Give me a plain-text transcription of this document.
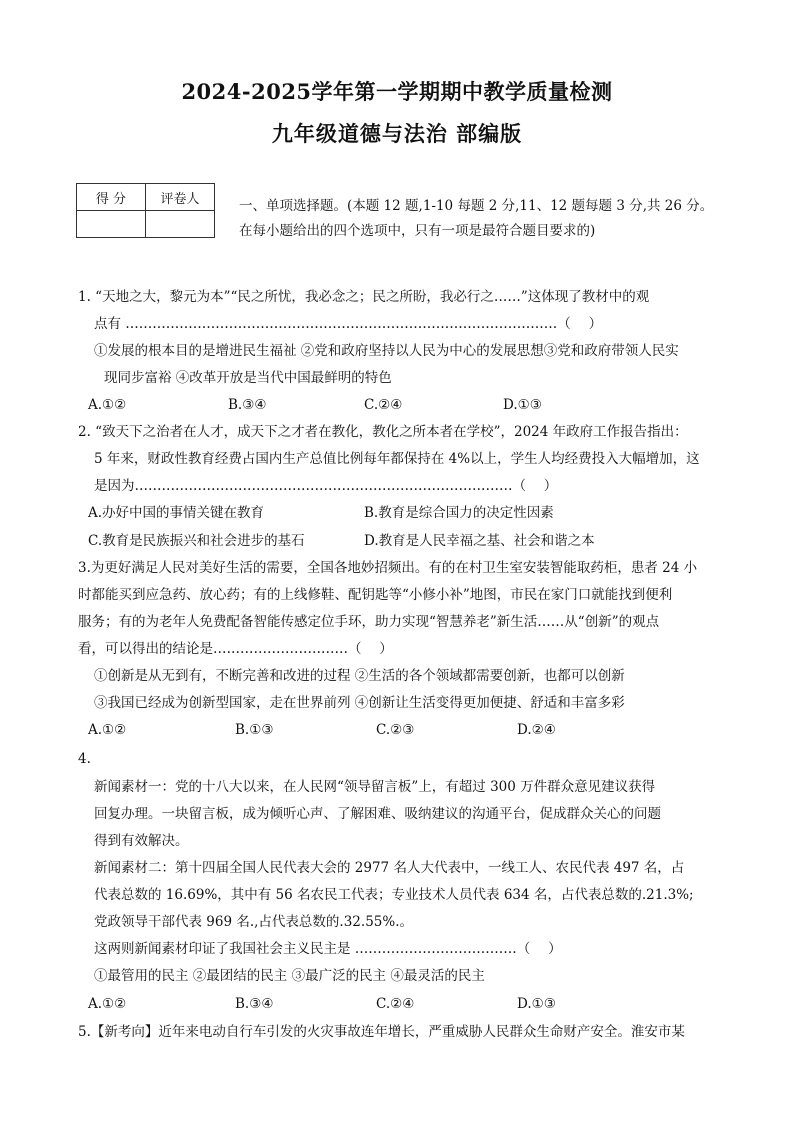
2024-2025学年第一学期期中教学质量检测
九年级道德与法治 部编版
得 分	评卷人
		一、单项选择题。(本题 12 题,1-10 每题 2 分,11、12 题每题 3 分,共 26 分。
在每小题给出的四个选项中，只有一项是最符合题目要求的)
1. “天地之大，黎元为本”“民之所忧，我必念之；民之所盼，我必行之……”这体现了教材中的观
点有 ……………………………………………………………………………………（　 ）
①发展的根本目的是增进民生福祉 ②党和政府坚持以人民为中心的发展思想③党和政府带领人民实
现同步富裕 ④改革开放是当代中国最鲜明的特色
A.①②	B.③④	C.②④	D.①③
2. “致天下之治者在人才，成天下之才者在教化，教化之所本者在学校”，2024 年政府工作报告指出：
5 年来，财政性教育经费占国内生产总值比例每年都保持在 4%以上，学生人均经费投入大幅增加，这
是因为…………………………………………………………………………（　 ）
A.办好中国的事情关键在教育	B.教育是综合国力的决定性因素
C.教育是民族振兴和社会进步的基石	D.教育是人民幸福之基、社会和谐之本
3.为更好满足人民对美好生活的需要，全国各地妙招频出。有的在村卫生室安装智能取药柜，患者 24 小
时都能买到应急药、放心药；有的上线修鞋、配钥匙等“小修小补”地图，市民在家门口就能找到便利
服务；有的为老年人免费配备智能传感定位手环，助力实现“智慧养老”新生活……从“创新”的观点
看，可以得出的结论是…………………………（　 ）
①创新是从无到有，不断完善和改进的过程 ②生活的各个领域都需要创新，也都可以创新
③我国已经成为创新型国家，走在世界前列 ④创新让生活变得更加便捷、舒适和丰富多彩
A.①②	B.①③	C.②③	D.②④
4.
新闻素材一：党的十八大以来，在人民网“领导留言板”上，有超过 300 万件群众意见建议获得
回复办理。一块留言板，成为倾听心声、了解困难、吸纳建议的沟通平台，促成群众关心的问题
得到有效解决。
新闻素材二：第十四届全国人民代表大会的 2977 名人大代表中，一线工人、农民代表 497 名，占
代表总数的 16.69%，其中有 56 名农民工代表；专业技术人员代表 634 名，占代表总数的.21.3%;
党政领导干部代表 969 名.,占代表总数的.32.55%.。
这两则新闻素材印证了我国社会主义民主是 ………………………………（　 ）
①最管用的民主 ②最团结的民主 ③最广泛的民主 ④最灵活的民主
A.①②	B.③④	C.②④	D.①③
5.【新考向】近年来电动自行车引发的火灾事故连年增长，严重威胁人民群众生命财产安全。淮安市某
